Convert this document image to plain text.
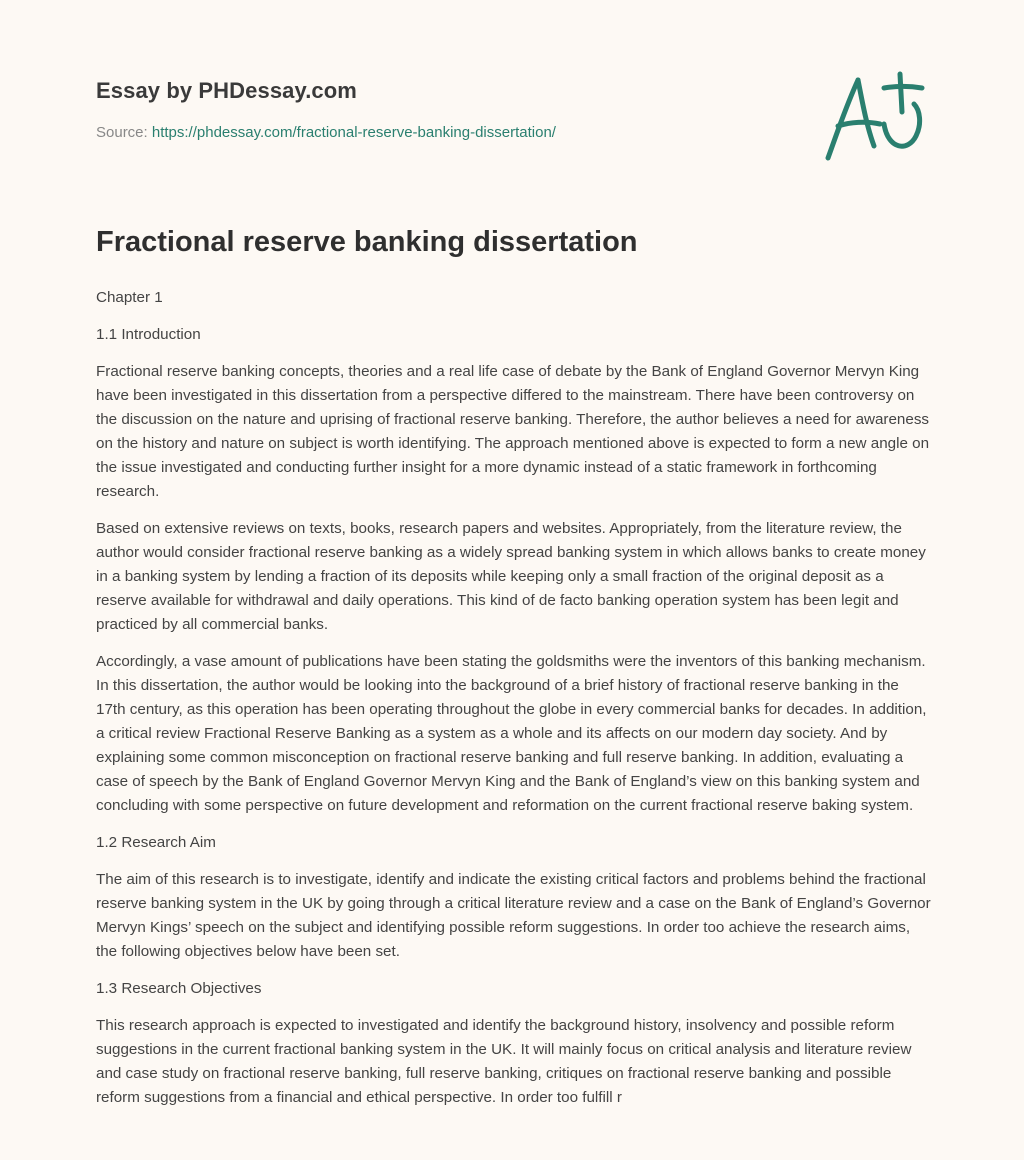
Essay by PHDessay.com
Source: https://phdessay.com/fractional-reserve-banking-dissertation/
Fractional reserve banking dissertation

Chapter 1

1.1 Introduction

Fractional reserve banking concepts, theories and a real life case of debate by the Bank of England Governor Mervyn King have been investigated in this dissertation from a perspective differed to the mainstream. There have been controversy on the discussion on the nature and uprising of fractional reserve banking. Therefore, the author believes a need for awareness on the history and nature on subject is worth identifying. The approach mentioned above is expected to form a new angle on the issue investigated and conducting further insight for a more dynamic instead of a static framework in forthcoming research.

Based on extensive reviews on texts, books, research papers and websites. Appropriately, from the literature review, the author would consider fractional reserve banking as a widely spread banking system in which allows banks to create money in a banking system by lending a fraction of its deposits while keeping only a small fraction of the original deposit as a reserve available for withdrawal and daily operations. This kind of de facto banking operation system has been legit and practiced by all commercial banks.

Accordingly, a vase amount of publications have been stating the goldsmiths were the inventors of this banking mechanism. In this dissertation, the author would be looking into the background of a brief history of fractional reserve banking in the 17th century, as this operation has been operating throughout the globe in every commercial banks for decades. In addition, a critical review Fractional Reserve Banking as a system as a whole and its affects on our modern day society. And by explaining some common misconception on fractional reserve banking and full reserve banking. In addition, evaluating a case of speech by the Bank of England Governor Mervyn King and the Bank of England’s view on this banking system and concluding with some perspective on future development and reformation on the current fractional reserve baking system.

1.2 Research Aim

The aim of this research is to investigate, identify and indicate the existing critical factors and problems behind the fractional reserve banking system in the UK by going through a critical literature review and a case on the Bank of England’s Governor Mervyn Kings’ speech on the subject and identifying possible reform suggestions. In order too achieve the research aims, the following objectives below have been set.

1.3 Research Objectives

This research approach is expected to investigated and identify the background history, insolvency and possible reform suggestions in the current fractional banking system in the UK. It will mainly focus on critical analysis and literature review and case study on fractional reserve banking, full reserve banking, critiques on fractional reserve banking and possible reform suggestions from a financial and ethical perspective. In order too fulfill r
